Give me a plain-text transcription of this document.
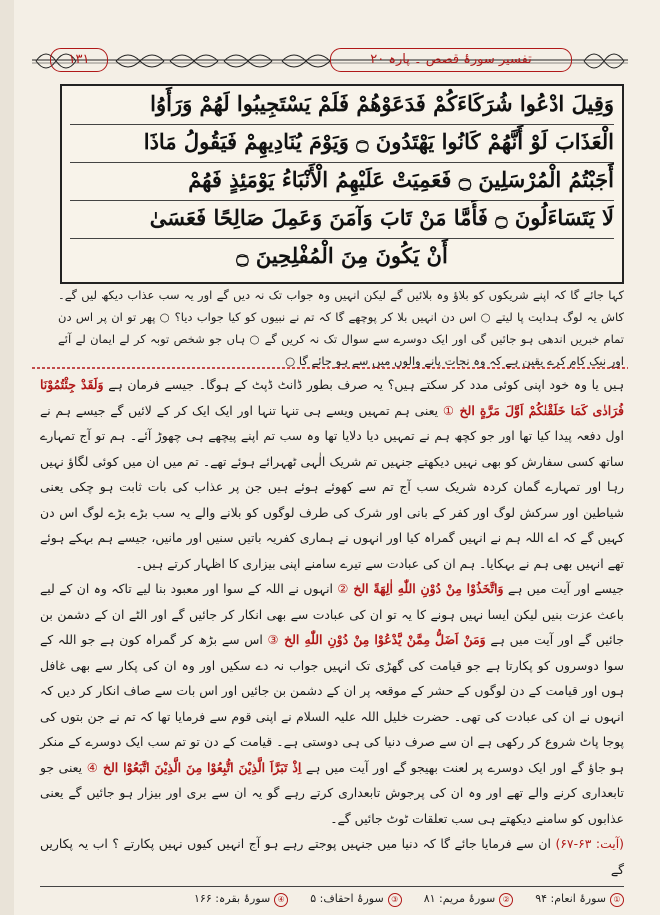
۱۳۱	تفسیر سورۂ قصص ۔ پارہ ۲۰
وَقِيلَ ادْعُوا شُرَكَاءَكُمْ فَدَعَوْهُمْ فَلَمْ يَسْتَجِيبُوا لَهُمْ وَرَأَوُا
الْعَذَابَ لَوْ أَنَّهُمْ كَانُوا يَهْتَدُونَ ۝ وَيَوْمَ يُنَادِيهِمْ فَيَقُولُ مَاذَا
أَجَبْتُمُ الْمُرْسَلِينَ ۝ فَعَمِيَتْ عَلَيْهِمُ الْأَنْبَاءُ يَوْمَئِذٍ فَهُمْ
لَا يَتَسَاءَلُونَ ۝ فَأَمَّا مَنْ تَابَ وَآمَنَ وَعَمِلَ صَالِحًا فَعَسَىٰ
أَنْ يَكُونَ مِنَ الْمُفْلِحِينَ ۝

کہا جائے گا کہ اپنے شریکوں کو بلاؤ وہ بلائیں گے لیکن انہیں وہ جواب تک نہ دیں گے اور یہ سب عذاب دیکھ لیں گے۔ کاش یہ لوگ ہدایت پا لیتے ○ اس دن انہیں بلا کر پوچھے گا کہ تم نے نبیوں کو کیا جواب دیا؟ ○ پھر تو ان پر اس دن تمام خبریں اندھی ہو جائیں گی اور ایک دوسرے سے سوال تک نہ کریں گے ○ ہاں جو شخص توبہ کر لے ایمان لے آئے اور نیک کام کرے یقین ہے کہ وہ نجات پانے والوں میں سے ہو جائے گا ○

ہیں یا وہ خود اپنی کوئی مدد کر سکتے ہیں؟ یہ صرف بطور ڈانٹ ڈپٹ کے ہوگا۔ جیسے فرمان ہے وَلَقَدْ جِئْتُمُوْنَا فُرَادٰى كَمَا خَلَقْنٰكُمْ اَوَّلَ مَرَّةٍ الخ ① یعنی ہم تمہیں ویسے ہی تنہا تنہا اور ایک ایک کر کے لائیں گے جیسے ہم نے اول دفعہ پیدا کیا تھا اور جو کچھ ہم نے تمہیں دیا دلایا تھا وہ سب تم اپنے پیچھے ہی چھوڑ آئے۔ ہم تو آج تمہارے ساتھ کسی سفارش کو بھی نہیں دیکھتے جنہیں تم شریک الٰہی ٹھہرائے ہوئے تھے۔ تم میں ان میں کوئی لگاؤ نہیں رہا اور تمہارے گمان کردہ شریک سب آج تم سے کھوئے ہوئے ہیں جن پر عذاب کی بات ثابت ہو چکی یعنی شیاطین اور سرکش لوگ اور کفر کے بانی اور شرک کی طرف لوگوں کو بلانے والے یہ سب بڑے بڑے لوگ اس دن کہیں گے کہ اے اللہ ہم نے انہیں گمراہ کیا اور انہوں نے ہماری کفریہ باتیں سنیں اور مانیں، جیسے ہم بہکے ہوئے تھے انہیں بھی ہم نے بہکایا۔ ہم ان کی عبادت سے تیرے سامنے اپنی بیزاری کا اظہار کرتے ہیں۔

جیسے اور آیت میں ہے وَاتَّخَذُوْا مِنْ دُوْنِ اللّٰهِ اٰلِهَةً الخ ② انہوں نے اللہ کے سوا اور معبود بنا لیے تاکہ وہ ان کے لیے باعث عزت بنیں لیکن ایسا نہیں ہونے کا یہ تو ان کی عبادت سے بھی انکار کر جائیں گے اور الٹے ان کے دشمن بن جائیں گے اور آیت میں ہے وَمَنْ اَضَلُّ مِمَّنْ يَّدْعُوْا مِنْ دُوْنِ اللّٰهِ الخ ③ اس سے بڑھ کر گمراہ کون ہے جو اللہ کے سوا دوسروں کو پکارتا ہے جو قیامت کی گھڑی تک انہیں جواب نہ دے سکیں اور وہ ان کی پکار سے بھی غافل ہوں اور قیامت کے دن لوگوں کے حشر کے موقعہ پر ان کے دشمن بن جائیں اور اس بات سے صاف انکار کر دیں کہ انہوں نے ان کی عبادت کی تھی۔ حضرت خلیل اللہ علیہ السلام نے اپنی قوم سے فرمایا تھا کہ تم نے جن بتوں کی پوجا پاٹ شروع کر رکھی ہے ان سے صرف دنیا کی ہی دوستی ہے۔ قیامت کے دن تو تم سب ایک دوسرے کے منکر ہو جاؤ گے اور ایک دوسرے پر لعنت بھیجو گے اور آیت میں ہے اِذْ تَبَرَّاَ الَّذِيْنَ اتُّبِعُوْا مِنَ الَّذِيْنَ اتَّبَعُوْا الخ ④ یعنی جو تابعداری کرنے والے تھے اور وہ ان کی پرجوش تابعداری کرتے رہے گو یہ ان سے بری اور بیزار ہو جائیں گے یعنی عذابوں کو سامنے دیکھتے ہی سب تعلقات ٹوٹ جائیں گے۔

(آیت: ۶۳-۶۷) ان سے فرمایا جائے گا کہ دنیا میں جنہیں پوجتے رہے ہو آج انہیں کیوں نہیں پکارتے ؟ اب یہ پکاریں گے

①سورۂ انعام: ۹۴
②سورۂ مریم: ۸۱
③سورۂ احقاف: ۵
④سورۂ بقرہ: ۱۶۶
